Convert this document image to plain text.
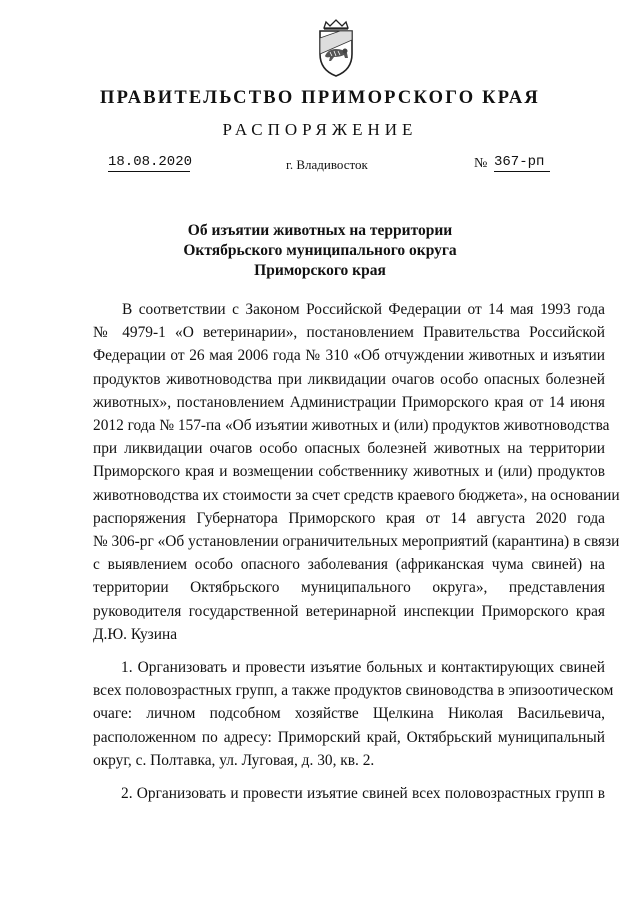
ПРАВИТЕЛЬСТВО ПРИМОРСКОГО КРАЯ
РАСПОРЯЖЕНИЕ
18.08.2020	г. Владивосток	№ 367-рп
Об изъятии животных на территории
Октябрьского муниципального округа
Приморского края
В соответствии с Законом Российской Федерации от 14 мая 1993 года
№ 4979-1 «О ветеринарии», постановлением Правительства Российской
Федерации от 26 мая 2006 года № 310 «Об отчуждении животных и изъятии
продуктов животноводства при ликвидации очагов особо опасных болезней
животных», постановлением Администрации Приморского края от 14 июня
2012 года № 157-па «Об изъятии животных и (или) продуктов животноводства
при ликвидации очагов особо опасных болезней животных на территории
Приморского края и возмещении собственнику животных и (или) продуктов
животноводства их стоимости за счет средств краевого бюджета», на основании
распоряжения Губернатора Приморского края от 14 августа 2020 года
№ 306-рг «Об установлении ограничительных мероприятий (карантина) в связи
с выявлением особо опасного заболевания (африканская чума свиней) на
территории Октябрьского муниципального округа», представления
руководителя государственной ветеринарной инспекции Приморского края
Д.Ю. Кузина
1. Организовать и провести изъятие больных и контактирующих свиней
всех половозрастных групп, а также продуктов свиноводства в эпизоотическом
очаге: личном подсобном хозяйстве Щелкина Николая Васильевича,
расположенном по адресу: Приморский край, Октябрьский муниципальный
округ, с. Полтавка, ул. Луговая, д. 30, кв. 2.
2. Организовать и провести изъятие свиней всех половозрастных групп в
